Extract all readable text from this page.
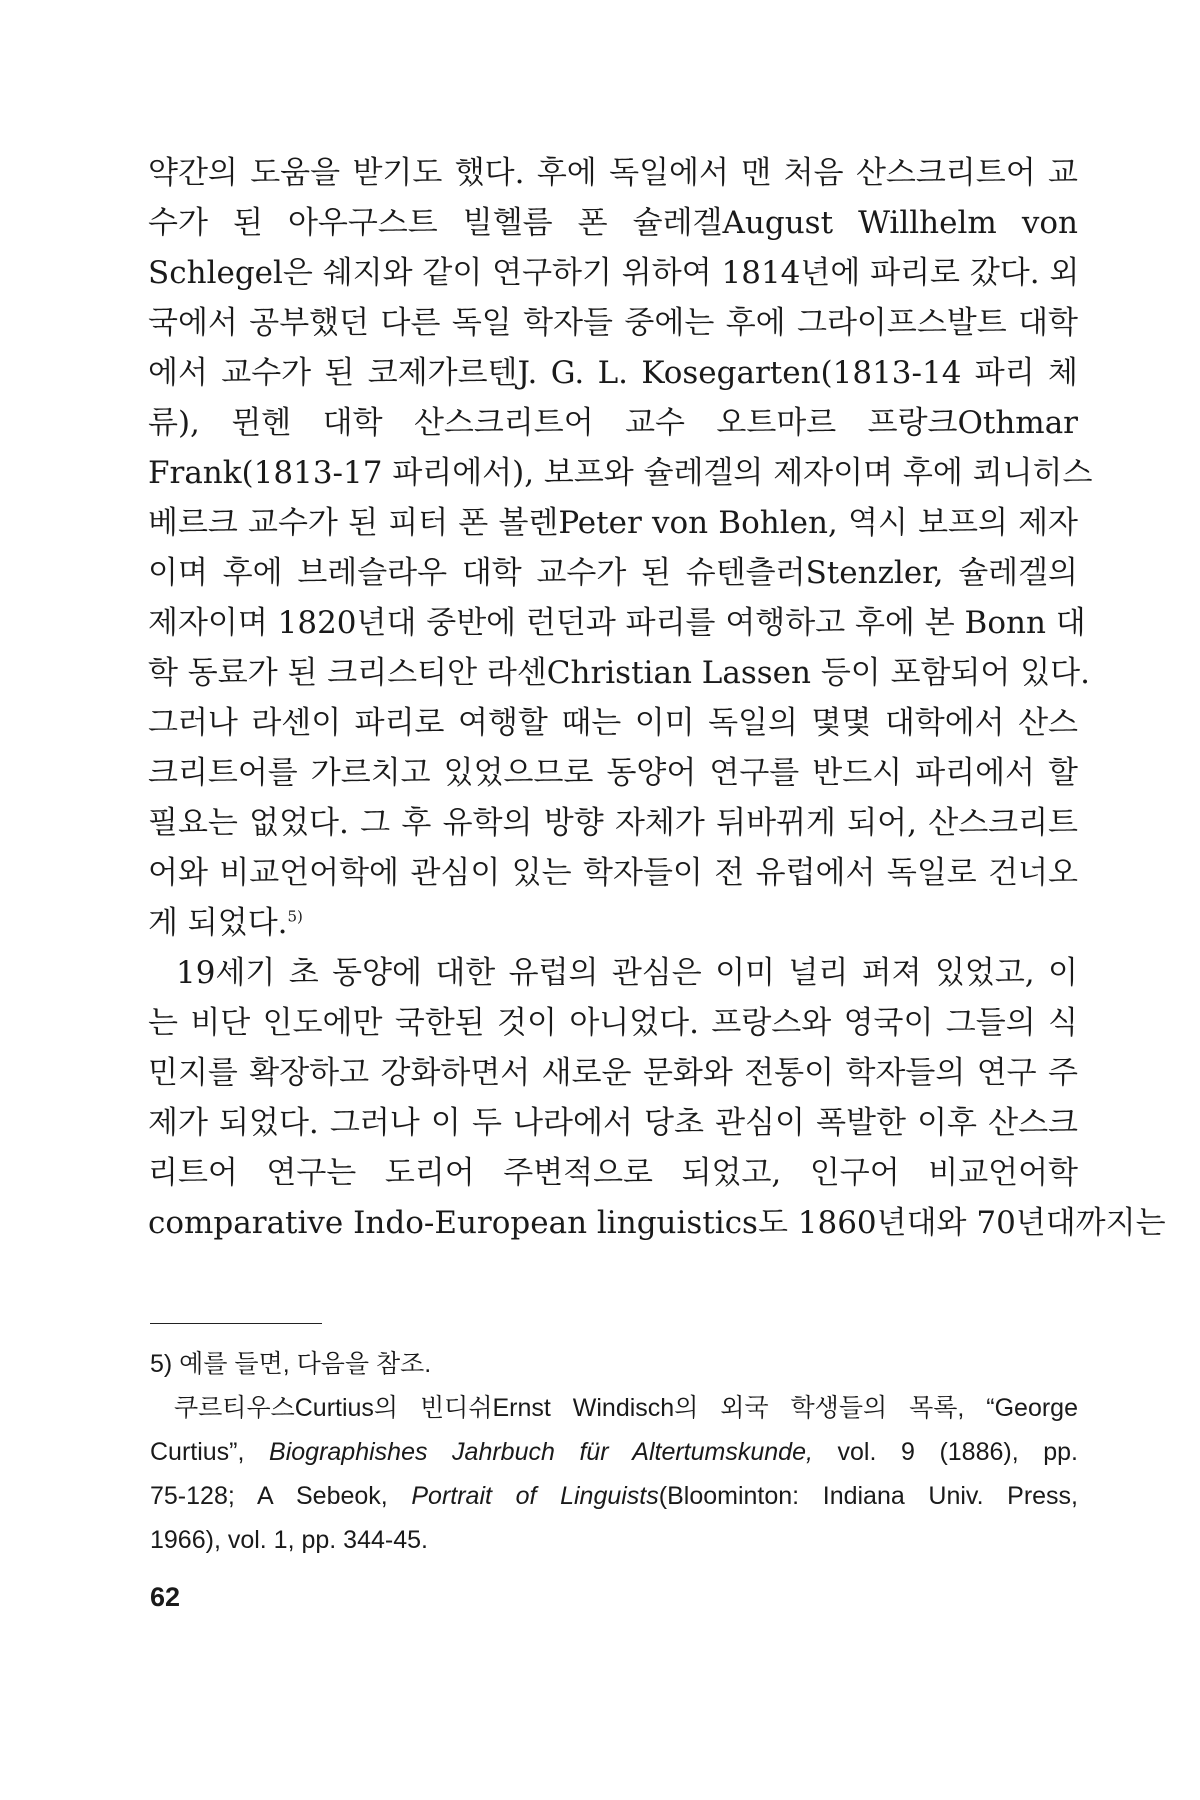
약간의 도움을 받기도 했다. 후에 독일에서 맨 처음 산스크리트어 교
수가 된 아우구스트 빌헬름 폰 슐레겔August Willhelm von
Schlegel은 쉐지와 같이 연구하기 위하여 1814년에 파리로 갔다. 외
국에서 공부했던 다른 독일 학자들 중에는 후에 그라이프스발트 대학
에서 교수가 된 코제가르텐J. G. L. Kosegarten(1813-14 파리 체
류), 뮌헨 대학 산스크리트어 교수 오트마르 프랑크Othmar
Frank(1813-17 파리에서), 보프와 슐레겔의 제자이며 후에 쾨니히스
베르크 교수가 된 피터 폰 볼렌Peter von Bohlen, 역시 보프의 제자
이며 후에 브레슬라우 대학 교수가 된 슈텐츨러Stenzler, 슐레겔의
제자이며 1820년대 중반에 런던과 파리를 여행하고 후에 본 Bonn 대
학 동료가 된 크리스티안 라센Christian Lassen 등이 포함되어 있다.
그러나 라센이 파리로 여행할 때는 이미 독일의 몇몇 대학에서 산스
크리트어를 가르치고 있었으므로 동양어 연구를 반드시 파리에서 할
필요는 없었다. 그 후 유학의 방향 자체가 뒤바뀌게 되어, 산스크리트
어와 비교언어학에 관심이 있는 학자들이 전 유럽에서 독일로 건너오
게 되었다.$^{5)}$
19세기 초 동양에 대한 유럽의 관심은 이미 널리 퍼져 있었고, 이
는 비단 인도에만 국한된 것이 아니었다. 프랑스와 영국이 그들의 식
민지를 확장하고 강화하면서 새로운 문화와 전통이 학자들의 연구 주
제가 되었다. 그러나 이 두 나라에서 당초 관심이 폭발한 이후 산스크
리트어 연구는 도리어 주변적으로 되었고, 인구어 비교언어학
comparative Indo-European linguistics도 1860년대와 70년대까지는
5) 예를 들면, 다음을 참조.
쿠르티우스Curtius의 빈디쉬Ernst Windisch의 외국 학생들의 목록, “George
Curtius”, Biographishes Jahrbuch für Altertumskunde, vol. 9 (1886), pp.
75-128; A Sebeok, Portrait of Linguists(Bloominton: Indiana Univ. Press,
1966), vol. 1, pp. 344-45.
62
